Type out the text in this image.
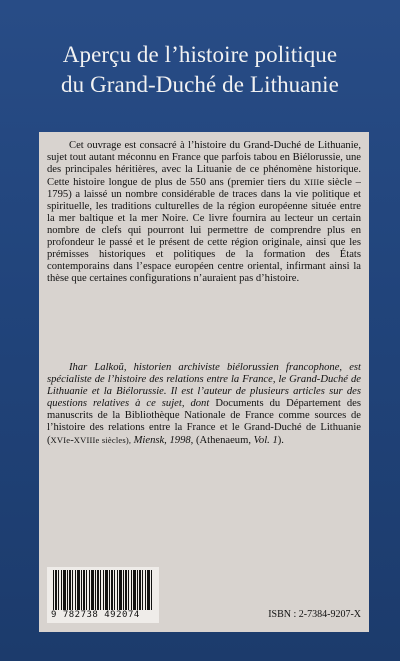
Aperçu de l’histoire politique
du Grand-Duché de Lithuanie
Cet ouvrage est consacré à l’histoire du Grand-Duché de Lithuanie, sujet tout autant méconnu en France que parfois tabou en Biélorussie, une des principales héritières, avec la Lituanie de ce phénomène historique. Cette histoire longue de plus de 550 ans (premier tiers du XIIIe siècle – 1795) a laissé un nombre considérable de traces dans la vie politique et spirituelle, les traditions culturelles de la région européenne située entre la mer baltique et la mer Noire. Ce livre fournira au lecteur un certain nombre de clefs qui pourront lui permettre de comprendre plus en profondeur le passé et le présent de cette région originale, ainsi que les prémisses historiques et politiques de la formation des États contemporains dans l’espace européen centre oriental, infirmant ainsi la thèse que certaines configurations n’auraient pas d’histoire.
Ihar Lalkoŭ, historien archiviste biélorussien francophone, est spécialiste de l’histoire des relations entre la France, le Grand-Duché de Lithuanie et la Biélorussie. Il est l’auteur de plusieurs articles sur des questions relatives à ce sujet, dont Documents du Département des manuscrits de la Bibliothèque Nationale de France comme sources de l’histoire des relations entre la France et le Grand-Duché de Lithuanie (XVIe-XVIIIe siècles), Miensk, 1998, (Athenaeum, Vol. 1).
9 782738 492074	ISBN : 2-7384-9207-X
